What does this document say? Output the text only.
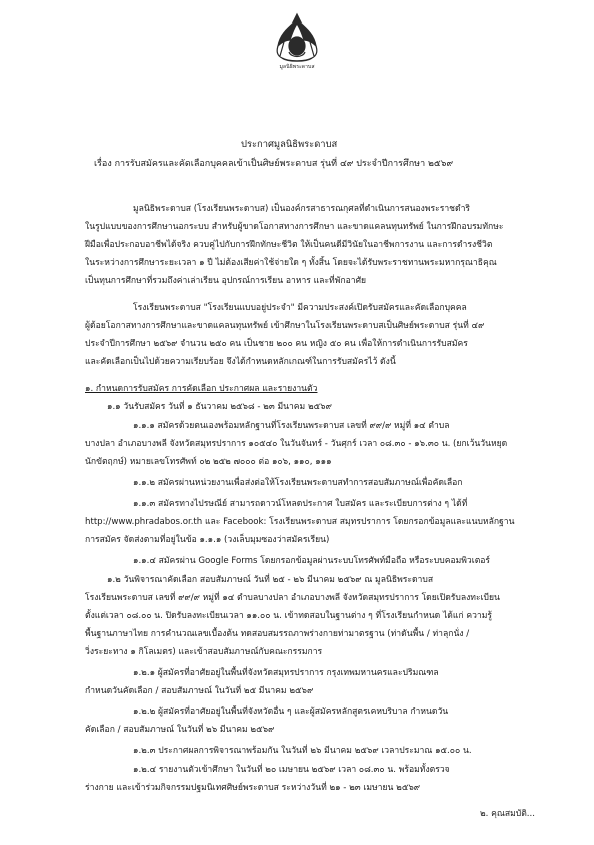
มูลนิธิพระดาบส
ประกาศมูลนิธิพระดาบส
เรื่อง การรับสมัครและคัดเลือกบุคคลเข้าเป็นศิษย์พระดาบส รุ่นที่ ๔๙ ประจำปีการศึกษา ๒๕๖๙
มูลนิธิพระดาบส (โรงเรียนพระดาบส) เป็นองค์กรสาธารณกุศลที่ดำเนินการสนองพระราชดำริ
ในรูปแบบของการศึกษานอกระบบ สำหรับผู้ขาดโอกาสทางการศึกษา และขาดแคลนทุนทรัพย์ ในการฝึกอบรมทักษะ
ฝีมือเพื่อประกอบอาชีพได้จริง ควบคู่ไปกับการฝึกทักษะชีวิต ให้เป็นคนดีมีวินัยในอาชีพการงาน และการดำรงชีวิต
ในระหว่างการศึกษาระยะเวลา ๑ ปี ไม่ต้องเสียค่าใช้จ่ายใด ๆ ทั้งสิ้น โดยจะได้รับพระราชทานพระมหากรุณาธิคุณ
เป็นทุนการศึกษาที่รวมถึงค่าเล่าเรียน อุปกรณ์การเรียน อาหาร และที่พักอาศัย
โรงเรียนพระดาบส "โรงเรียนแบบอยู่ประจำ" มีความประสงค์เปิดรับสมัครและคัดเลือกบุคคล
ผู้ด้อยโอกาสทางการศึกษาและขาดแคลนทุนทรัพย์ เข้าศึกษาในโรงเรียนพระดาบสเป็นศิษย์พระดาบส รุ่นที่ ๔๙
ประจำปีการศึกษา ๒๕๖๙ จำนวน ๒๕๐ คน เป็นชาย ๒๐๐ คน หญิง ๕๐ คน เพื่อให้การดำเนินการรับสมัคร
และคัดเลือกเป็นไปด้วยความเรียบร้อย จึงได้กำหนดหลักเกณฑ์ในการรับสมัครไว้ ดังนี้
๑. กำหนดการรับสมัคร การคัดเลือก ประกาศผล และรายงานตัว
๑.๑ วันรับสมัคร วันที่ ๑ ธันวาคม ๒๕๖๘ - ๒๓ มีนาคม ๒๕๖๙
๑.๑.๑ สมัครด้วยตนเองพร้อมหลักฐานที่โรงเรียนพระดาบส เลขที่ ๙๙/๙ หมู่ที่ ๑๔ ตำบล
บางปลา อำเภอบางพลี จังหวัดสมุทรปราการ ๑๐๕๔๐ ในวันจันทร์ - วันศุกร์ เวลา ๐๘.๓๐ - ๑๖.๓๐ น. (ยกเว้นวันหยุด
นักขัตฤกษ์) หมายเลขโทรศัพท์ ๐๒ ๒๕๒ ๗๐๐๐ ต่อ ๑๐๖, ๑๑๐, ๑๑๑
๑.๑.๒ สมัครผ่านหน่วยงานเพื่อส่งต่อให้โรงเรียนพระดาบสทำการสอบสัมภาษณ์เพื่อคัดเลือก
๑.๑.๓ สมัครทางไปรษณีย์ สามารถดาวน์โหลดประกาศ ใบสมัคร และระเบียบการต่าง ๆ ได้ที่
http://www.phradabos.or.th และ Facebook: โรงเรียนพระดาบส สมุทรปราการ โดยกรอกข้อมูลและแนบหลักฐาน
การสมัคร จัดส่งตามที่อยู่ในข้อ ๑.๑.๑ (วงเล็บมุมซองว่าสมัครเรียน)
๑.๑.๔ สมัครผ่าน Google Forms โดยกรอกข้อมูลผ่านระบบโทรศัพท์มือถือ หรือระบบคอมพิวเตอร์
๑.๒ วันพิจารณาคัดเลือก สอบสัมภาษณ์ วันที่ ๒๕ - ๒๖ มีนาคม ๒๕๖๙ ณ มูลนิธิพระดาบส
โรงเรียนพระดาบส เลขที่ ๙๙/๙ หมู่ที่ ๑๔ ตำบลบางปลา อำเภอบางพลี จังหวัดสมุทรปราการ โดยเปิดรับลงทะเบียน
ตั้งแต่เวลา ๐๘.๐๐ น. ปิดรับลงทะเบียนเวลา ๑๑.๐๐ น. เข้าทดสอบในฐานต่าง ๆ ที่โรงเรียนกำหนด ได้แก่ ความรู้
พื้นฐานภาษาไทย การคำนวณเลขเบื้องต้น ทดสอบสมรรถภาพร่างกายท่ามาตรฐาน (ท่าดันพื้น / ท่าลุกนั่ง /
วิ่งระยะทาง ๑ กิโลเมตร) และเข้าสอบสัมภาษณ์กับคณะกรรมการ
๑.๒.๑ ผู้สมัครที่อาศัยอยู่ในพื้นที่จังหวัดสมุทรปราการ กรุงเทพมหานครและปริมณฑล
กำหนดวันคัดเลือก / สอบสัมภาษณ์ ในวันที่ ๒๕ มีนาคม ๒๕๖๙
๑.๒.๒ ผู้สมัครที่อาศัยอยู่ในพื้นที่จังหวัดอื่น ๆ และผู้สมัครหลักสูตรเคหบริบาล กำหนดวัน
คัดเลือก / สอบสัมภาษณ์ ในวันที่ ๒๖ มีนาคม ๒๕๖๙
๑.๒.๓ ประกาศผลการพิจารณาพร้อมกัน ในวันที่ ๒๖ มีนาคม ๒๕๖๙ เวลาประมาณ ๑๕.๐๐ น.
๑.๒.๔ รายงานตัวเข้าศึกษา ในวันที่ ๒๐ เมษายน ๒๕๖๙ เวลา ๐๘.๓๐ น. พร้อมทั้งตรวจ
ร่างกาย และเข้าร่วมกิจกรรมปฐมนิเทศศิษย์พระดาบส ระหว่างวันที่ ๒๑ - ๒๓ เมษายน ๒๕๖๙
๒. คุณสมบัติ...
